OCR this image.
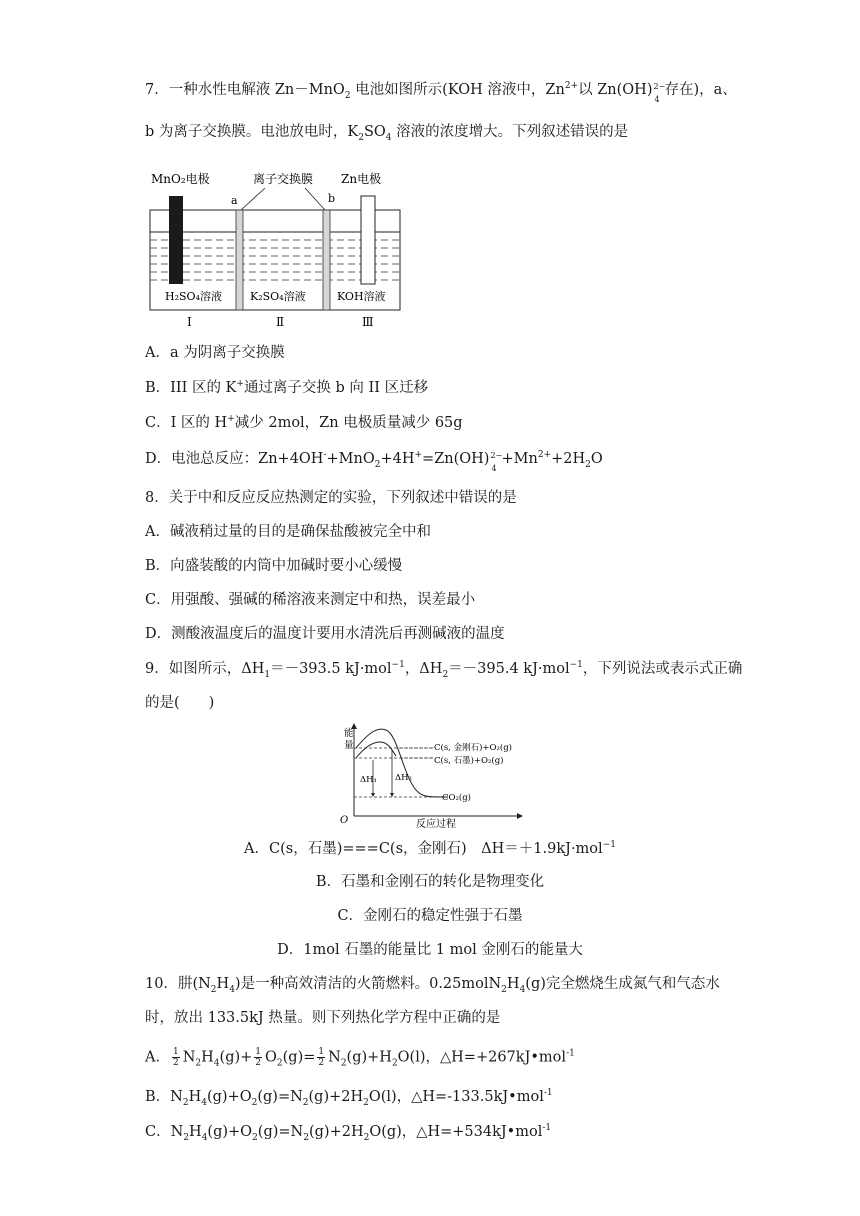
7．一种水性电解液 Zn－MnO$_2$ 电池如图所示(KOH 溶液中，$Zn^{2+}$以 Zn(OH) 2−
4
存在)，a、
b 为离子交换膜。电池放电时，$K_2SO_4$ 溶液的浓度增大。下列叙述错误的是
MnO₂电极	离子交换膜 Zn电极
a	b
H₂SO₄溶液	K₂SO₄溶液	KOH溶液
Ⅰ	Ⅱ	Ⅲ
A．a 为阴离子交换膜
B．III 区的 K+通过离子交换 b 向 II 区迁移
C．I 区的 H+减少 2mol，Zn 电极质量减少 65g
D．电池总反应：Zn+4OH-+MnO$_2$+4H+=Zn(OH) 2−
4
$+Mn^{2+}+2H_2O$
8．关于中和反应反应热测定的实验，下列叙述中错误的是
A．碱液稍过量的目的是确保盐酸被完全中和
B．向盛装酸的内筒中加碱时要小心缓慢
C．用强酸、强碱的稀溶液来测定中和热，误差最小
D．测酸液温度后的温度计要用水清洗后再测碱液的温度
9．如图所示，$\Delta H_1=-393.5$ kJ·mol$^{-1}$，$\Delta H_2=-395.4$ kJ·mol$^{-1}$，下列说法或表示式正确
的是(　　)
能
量
O	反应过程
ΔH₁ ΔH₂
C(s, 金刚石)+O₂(g)
C(s, 石墨)+O₂(g)
CO₂(g)
A．C(s，石墨)===C(s，金刚石)　ΔH＝＋1.9kJ·mol$^{-1}$
B．石墨和金刚石的转化是物理变化
C．金刚石的稳定性强于石墨
D．1mol 石墨的能量比 1 mol 金刚石的能量大
10．肼$(N_2H_4)$是一种高效清洁的火箭燃料。$0.25molN_2H_4(g)$完全燃烧生成氮气和气态水
时，放出 133.5kJ 热量。则下列热化学方程中正确的是
A． $\frac{1}{2} N_2H_4(g)+ \frac{1}{2} O_2(g)= \frac{1}{2} N_2(g)+H_2O(l)$，△H=+267kJ•mol$^{-1}$
B．$N_2H_4(g)+O_2(g)=N_2(g)+2H_2O(l)$，△H=-133.5kJ•mol$^{-1}$
C．$N_2H_4(g)+O_2(g)=N_2(g)+2H_2O(g)$，△H=+534kJ•mol$^{-1}$
